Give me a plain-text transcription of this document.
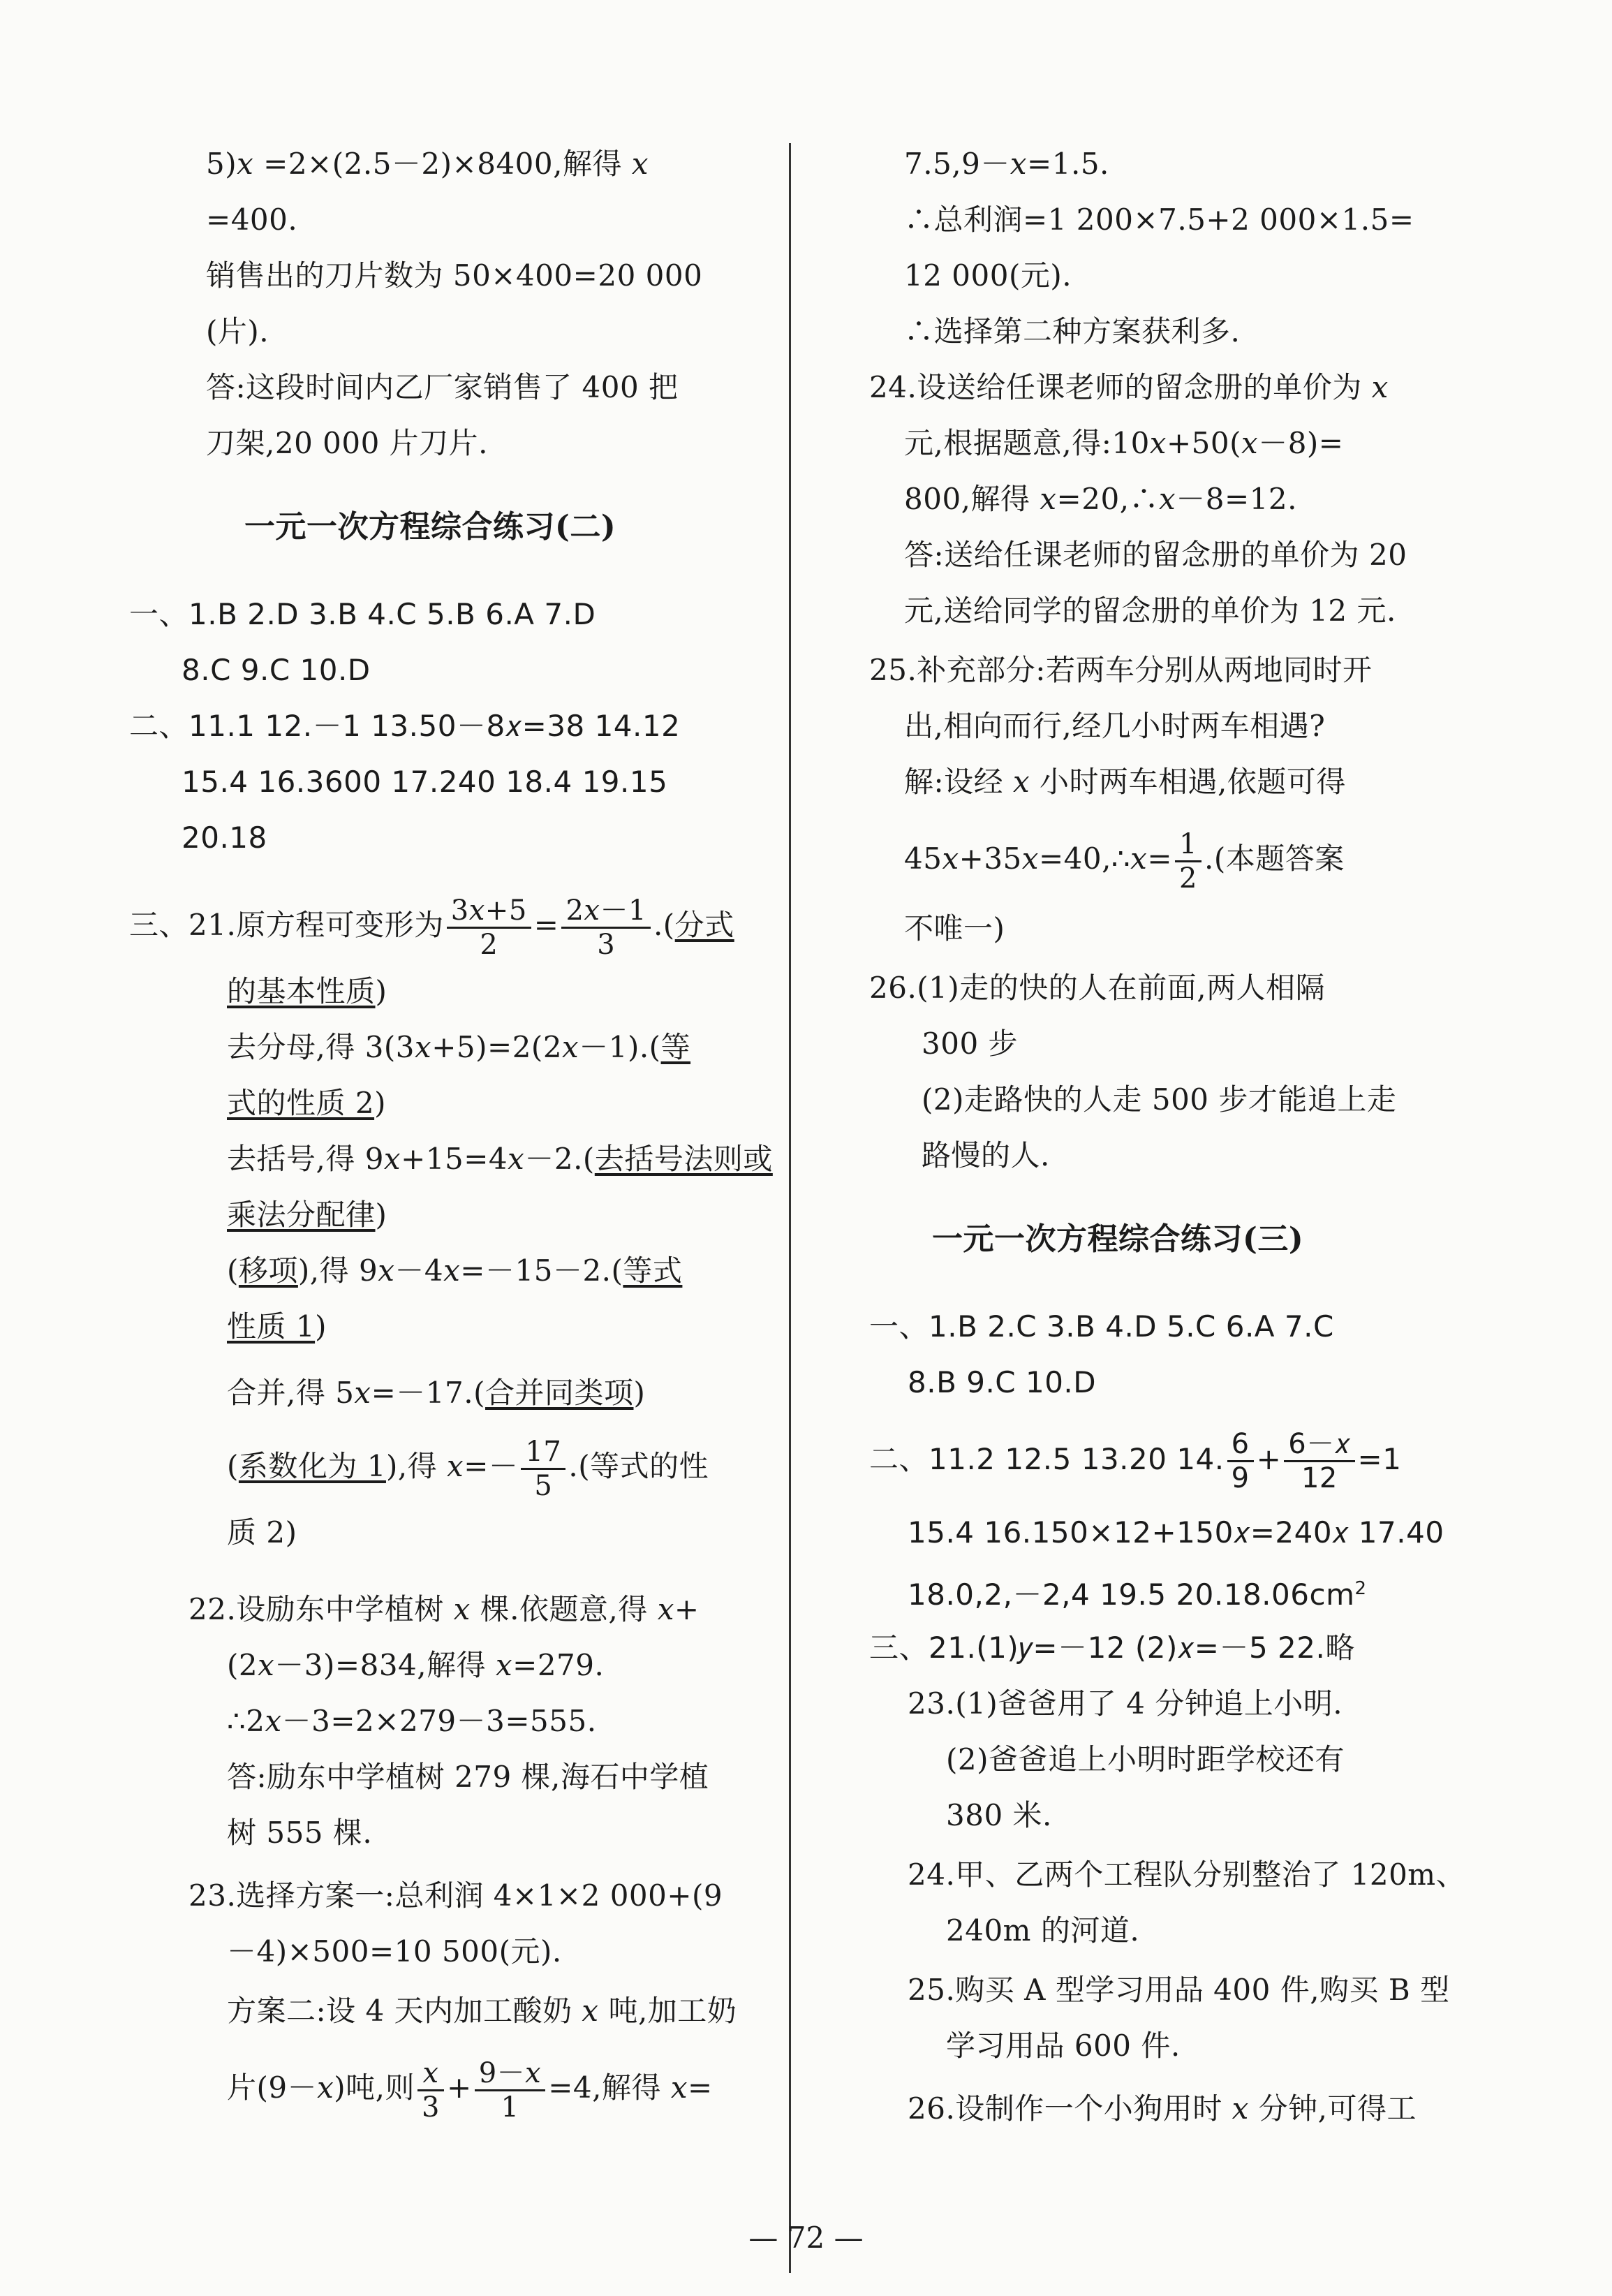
5)𝑥 =2×(2.5－2)×8400,解得 𝑥
=400.
销售出的刀片数为 50×400=20 000
(片).
答:这段时间内乙厂家销售了 400 把
刀架,20 000 片刀片.
一元一次方程综合练习(二)
一、1.B 2.D 3.B 4.C 5.B 6.A 7.D
8.C 9.C 10.D
二、11.1 12.－1 13.50－8𝑥=38 14.12
15.4 16.3600 17.240 18.4 19.15
20.18
三、21.原方程可变形为 $\frac{\text{3𝑥+5}}{2} = \frac{\text{2𝑥－1}}{3}$ .(分式
的基本性质)
去分母,得 3(3𝑥+5)=2(2𝑥－1).(等
式的性质 2)
去括号,得 9𝑥+15=4𝑥－2.(去括号法则或
乘法分配律)
(移项),得 9𝑥－4𝑥=－15－2.(等式
性质 1)
合并,得 5𝑥=－17.(合并同类项)
(系数化为 1),得 𝑥=－ $\frac{17}{5}$ .(等式的性
质 2)
22.设励东中学植树 𝑥 棵.依题意,得 𝑥+
(2𝑥－3)=834,解得 𝑥=279.
∴2𝑥－3=2×279－3=555.
答:励东中学植树 279 棵,海石中学植
树 555 棵.
23.选择方案一:总利润 4×1×2 000+(9
－4)×500=10 500(元).
方案二:设 4 天内加工酸奶 𝑥 吨,加工奶
片(9－𝑥)吨,则 $\frac{\text{𝑥}}{3} + \frac{\text{9－𝑥}}{1} =4$,解得 𝑥=
7.5,9－𝑥=1.5.
∴总利润=1 200×7.5+2 000×1.5=
12 000(元).
∴选择第二种方案获利多.
24.设送给任课老师的留念册的单价为 𝑥
元,根据题意,得:10𝑥+50(𝑥－8)=
800,解得 𝑥=20,∴𝑥－8=12.
答:送给任课老师的留念册的单价为 20
元,送给同学的留念册的单价为 12 元.
25.补充部分:若两车分别从两地同时开
出,相向而行,经几小时两车相遇?
解:设经 𝑥 小时两车相遇,依题可得
45𝑥+35𝑥=40,∴𝑥= $\frac{1}{2}$ .(本题答案
不唯一)
26.(1)走的快的人在前面,两人相隔
300 步
(2)走路快的人走 500 步才能追上走
路慢的人.
一元一次方程综合练习(三)
一、1.B 2.C 3.B 4.D 5.C 6.A 7.C
8.B 9.C 10.D
二、11.2 12.5 13.20 14. $\frac{6}{9} + \frac{\text{6－𝑥}}{12} =1$
15.4 16.150×12+150𝑥=240𝑥 17.40
18.0,2,－2,4 19.5 $20.18.06cm^2$
三、21.(1)𝑦=－12 (2)𝑥=－5 22.略
23.(1)爸爸用了 4 分钟追上小明.
(2)爸爸追上小明时距学校还有
380 米.
24.甲、乙两个工程队分别整治了 120m、
240m 的河道.
25.购买 A 型学习用品 400 件,购买 B 型
学习用品 600 件.
26.设制作一个小狗用时 𝑥 分钟,可得工
— 72 —
